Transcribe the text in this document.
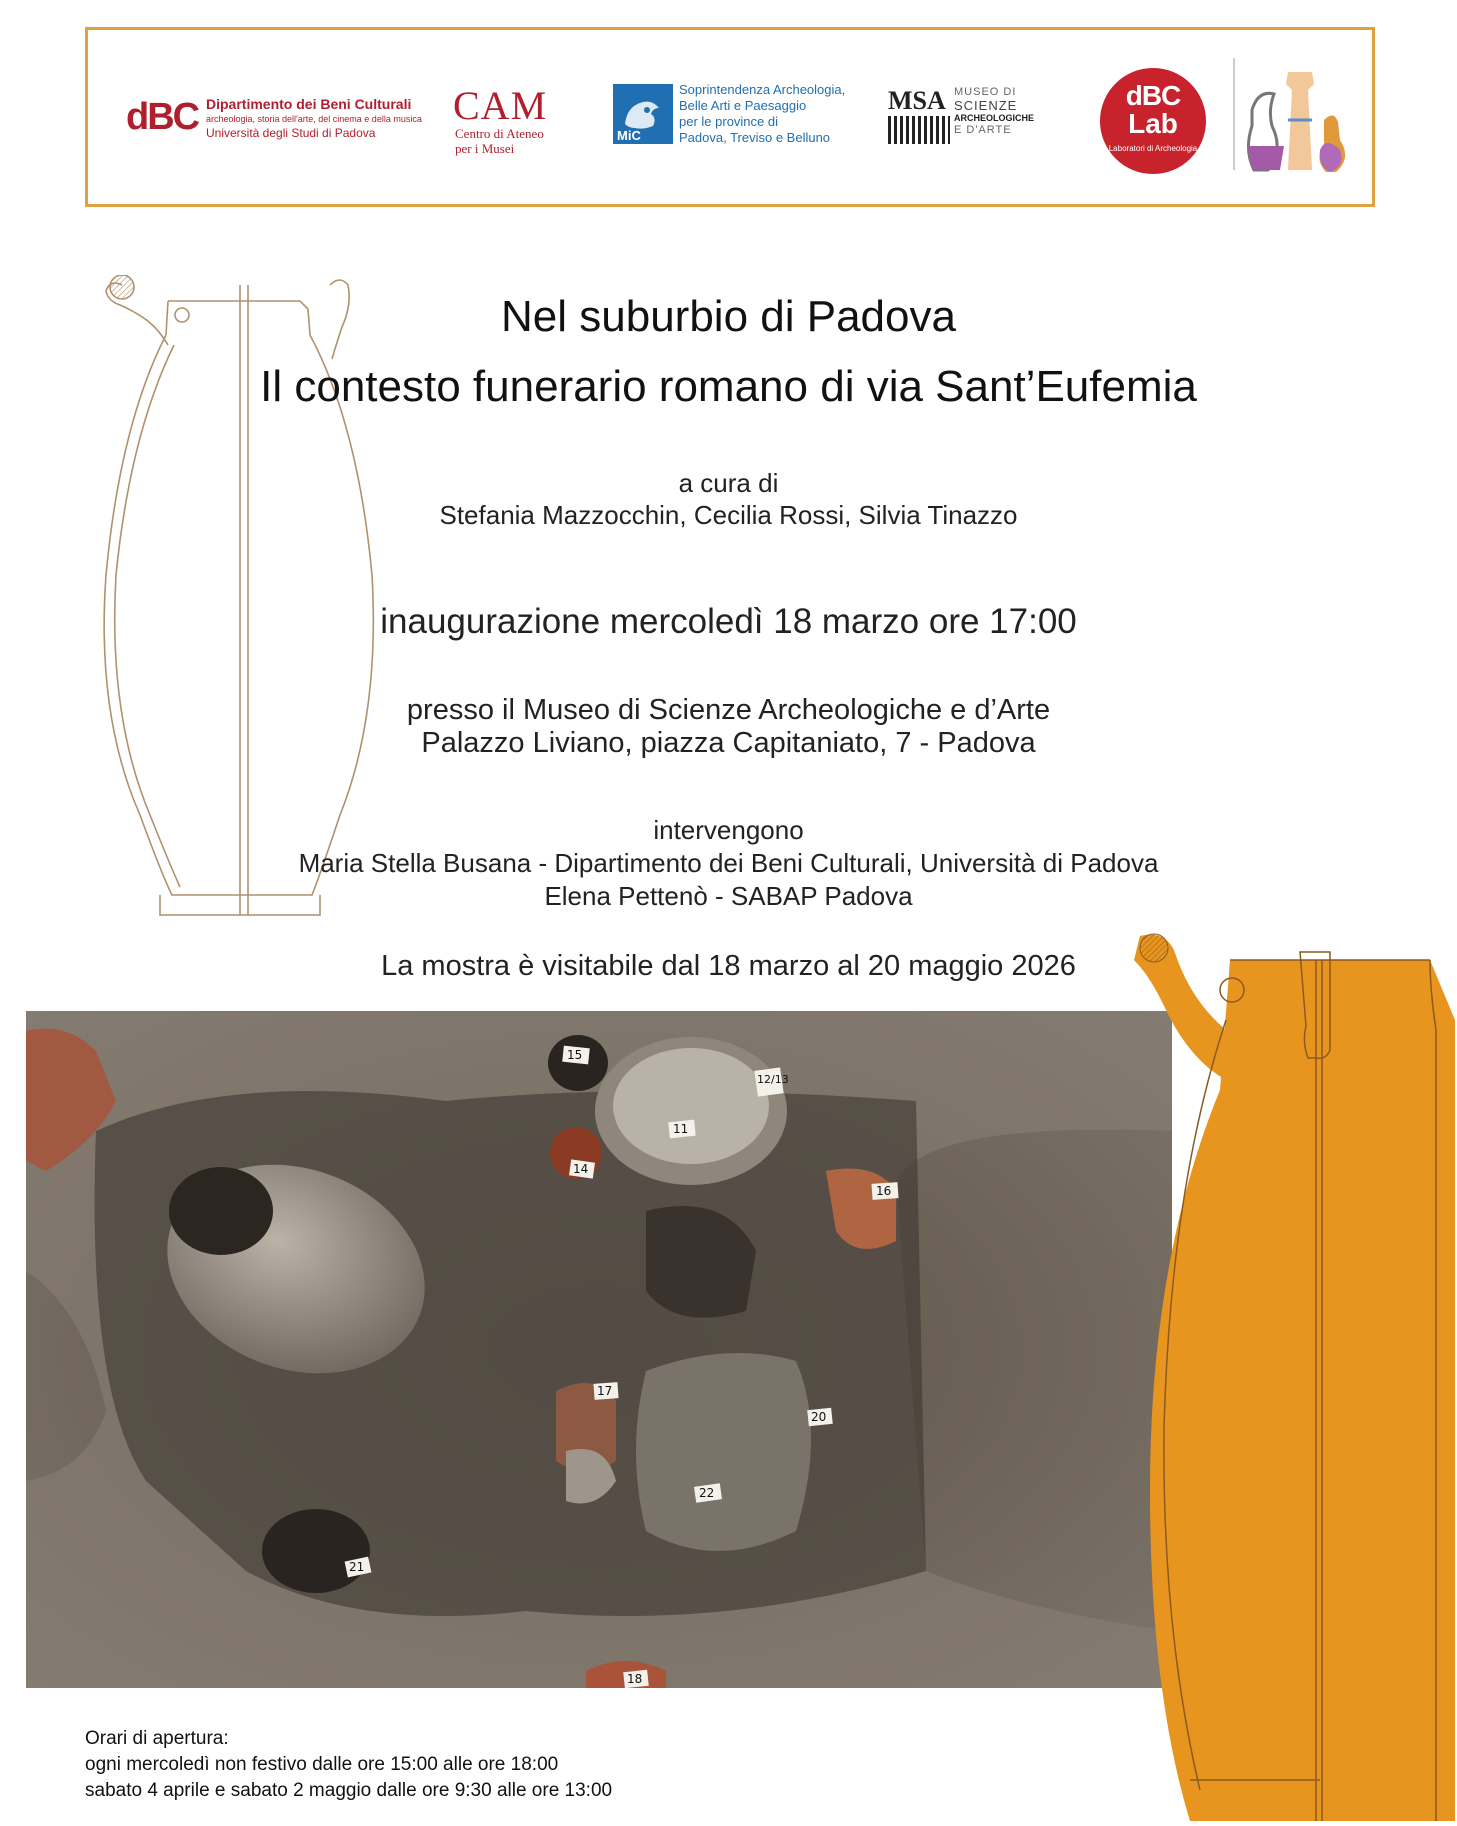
dBC Dipartimento dei Beni Culturali
archeologia, storia dell'arte, del cinema e della musica
Università degli Studi di Padova
CAM
Centro di Ateneo
per i Musei
MiC
Soprintendenza Archeologia,
Belle Arti e Paesaggio
per le province di
Padova, Treviso e Belluno
MSA MUSEO DI
SCIENZE
ARCHEOLOGICHE
E D'ARTE
dBC
Lab
Laboratori di Archeologia
Nel suburbio di Padova
Il contesto funerario romano di via Sant’Eufemia
a cura di
Stefania Mazzocchin, Cecilia Rossi, Silvia Tinazzo
inaugurazione mercoledì 18 marzo ore 17:00
presso il Museo di Scienze Archeologiche e d’Arte
Palazzo Liviano, piazza Capitaniato, 7 - Padova
intervengono
Maria Stella Busana - Dipartimento dei Beni Culturali, Università di Padova
Elena Pettenò - SABAP Padova
La mostra è visitabile dal 18 marzo al 20 maggio 2026
15
12/13
11
14
16
17
20
22
21
18
Orari di apertura:
ogni mercoledì non festivo dalle ore 15:00 alle ore 18:00
sabato 4 aprile e sabato 2 maggio dalle ore 9:30 alle ore 13:00
